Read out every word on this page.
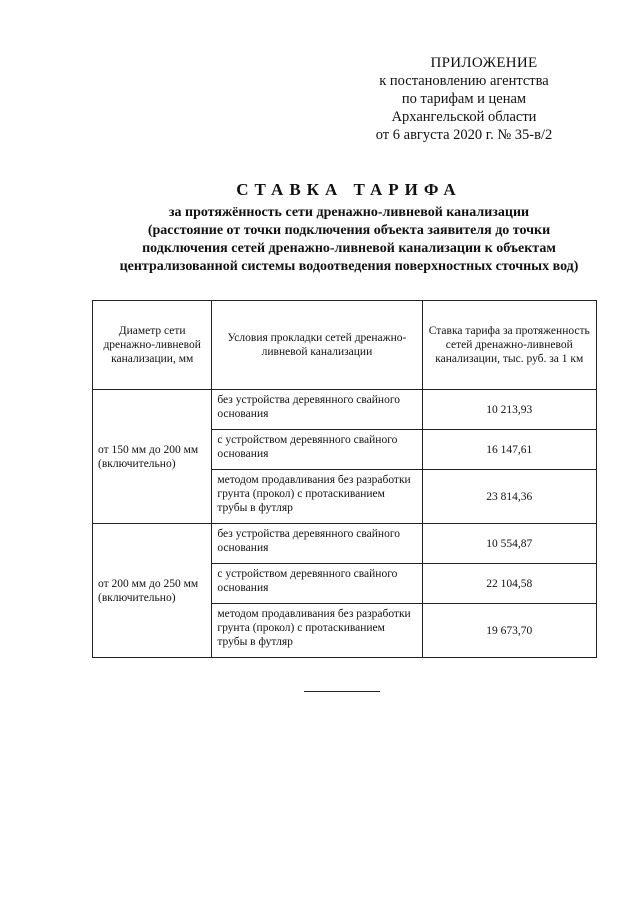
ПРИЛОЖЕНИЕ
к постановлению агентства
по тарифам и ценам
Архангельской области
от 6 августа 2020 г. № 35-в/2
СТАВКА ТАРИФА
за протяжённость сети дренажно-ливневой канализации
(расстояние от точки подключения объекта заявителя до точки
подключения сетей дренажно-ливневой канализации к объектам
централизованной системы водоотведения поверхностных сточных вод)
Диаметр сети дренажно-ливневой канализации, мм	Условия прокладки сетей дренажно-ливневой канализации	Ставка тарифа за протяженность сетей дренажно-ливневой канализации, тыс. руб. за 1 км
от 150 мм до 200 мм (включительно)	без устройства деревянного свайного основания	10 213,93
	с устройством деревянного свайного основания	16 147,61
	методом продавливания без разработки грунта (прокол) с протаскиванием трубы в футляр	23 814,36
от 200 мм до 250 мм (включительно)	без устройства деревянного свайного основания	10 554,87
	с устройством деревянного свайного основания	22 104,58
	методом продавливания без разработки грунта (прокол) с протаскиванием трубы в футляр	19 673,70
